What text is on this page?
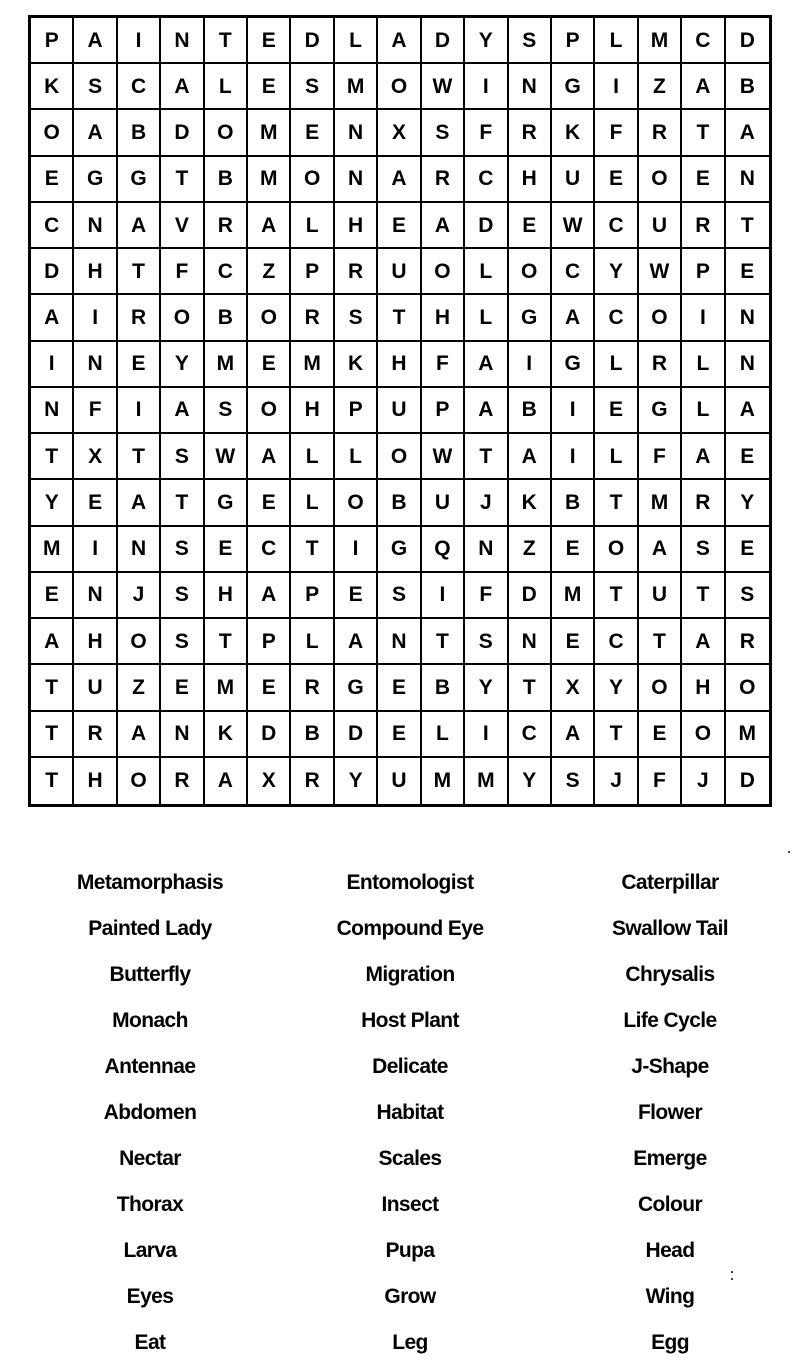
P	A	I	N	T	E	D	L	A	D	Y	S	P	L	M	C	D
K	S	C	A	L	E	S	M	O	W	I	N	G	I	Z	A	B
O	A	B	D	O	M	E	N	X	S	F	R	K	F	R	T	A
E	G	G	T	B	M	O	N	A	R	C	H	U	E	O	E	N
C	N	A	V	R	A	L	H	E	A	D	E	W	C	U	R	T
D	H	T	F	C	Z	P	R	U	O	L	O	C	Y	W	P	E
A	I	R	O	B	O	R	S	T	H	L	G	A	C	O	I	N
I	N	E	Y	M	E	M	K	H	F	A	I	G	L	R	L	N
N	F	I	A	S	O	H	P	U	P	A	B	I	E	G	L	A
T	X	T	S	W	A	L	L	O	W	T	A	I	L	F	A	E
Y	E	A	T	G	E	L	O	B	U	J	K	B	T	M	R	Y
M	I	N	S	E	C	T	I	G	Q	N	Z	E	O	A	S	E
E	N	J	S	H	A	P	E	S	I	F	D	M	T	U	T	S
A	H	O	S	T	P	L	A	N	T	S	N	E	C	T	A	R
T	U	Z	E	M	E	R	G	E	B	Y	T	X	Y	O	H	O
T	R	A	N	K	D	B	D	E	L	I	C	A	T	E	O	M
T	H	O	R	A	X	R	Y	U	M	M	Y	S	J	F	J	D
Metamorphasis	Entomologist	Caterpillar
Painted Lady	Compound Eye	Swallow Tail
Butterfly	Migration	Chrysalis
Monach	Host Plant	Life Cycle
Antennae	Delicate	J-Shape
Abdomen	Habitat	Flower
Nectar	Scales	Emerge
Thorax	Insect	Colour
Larva	Pupa	Head
Eyes	Grow	Wing
Eat	Leg	Egg
